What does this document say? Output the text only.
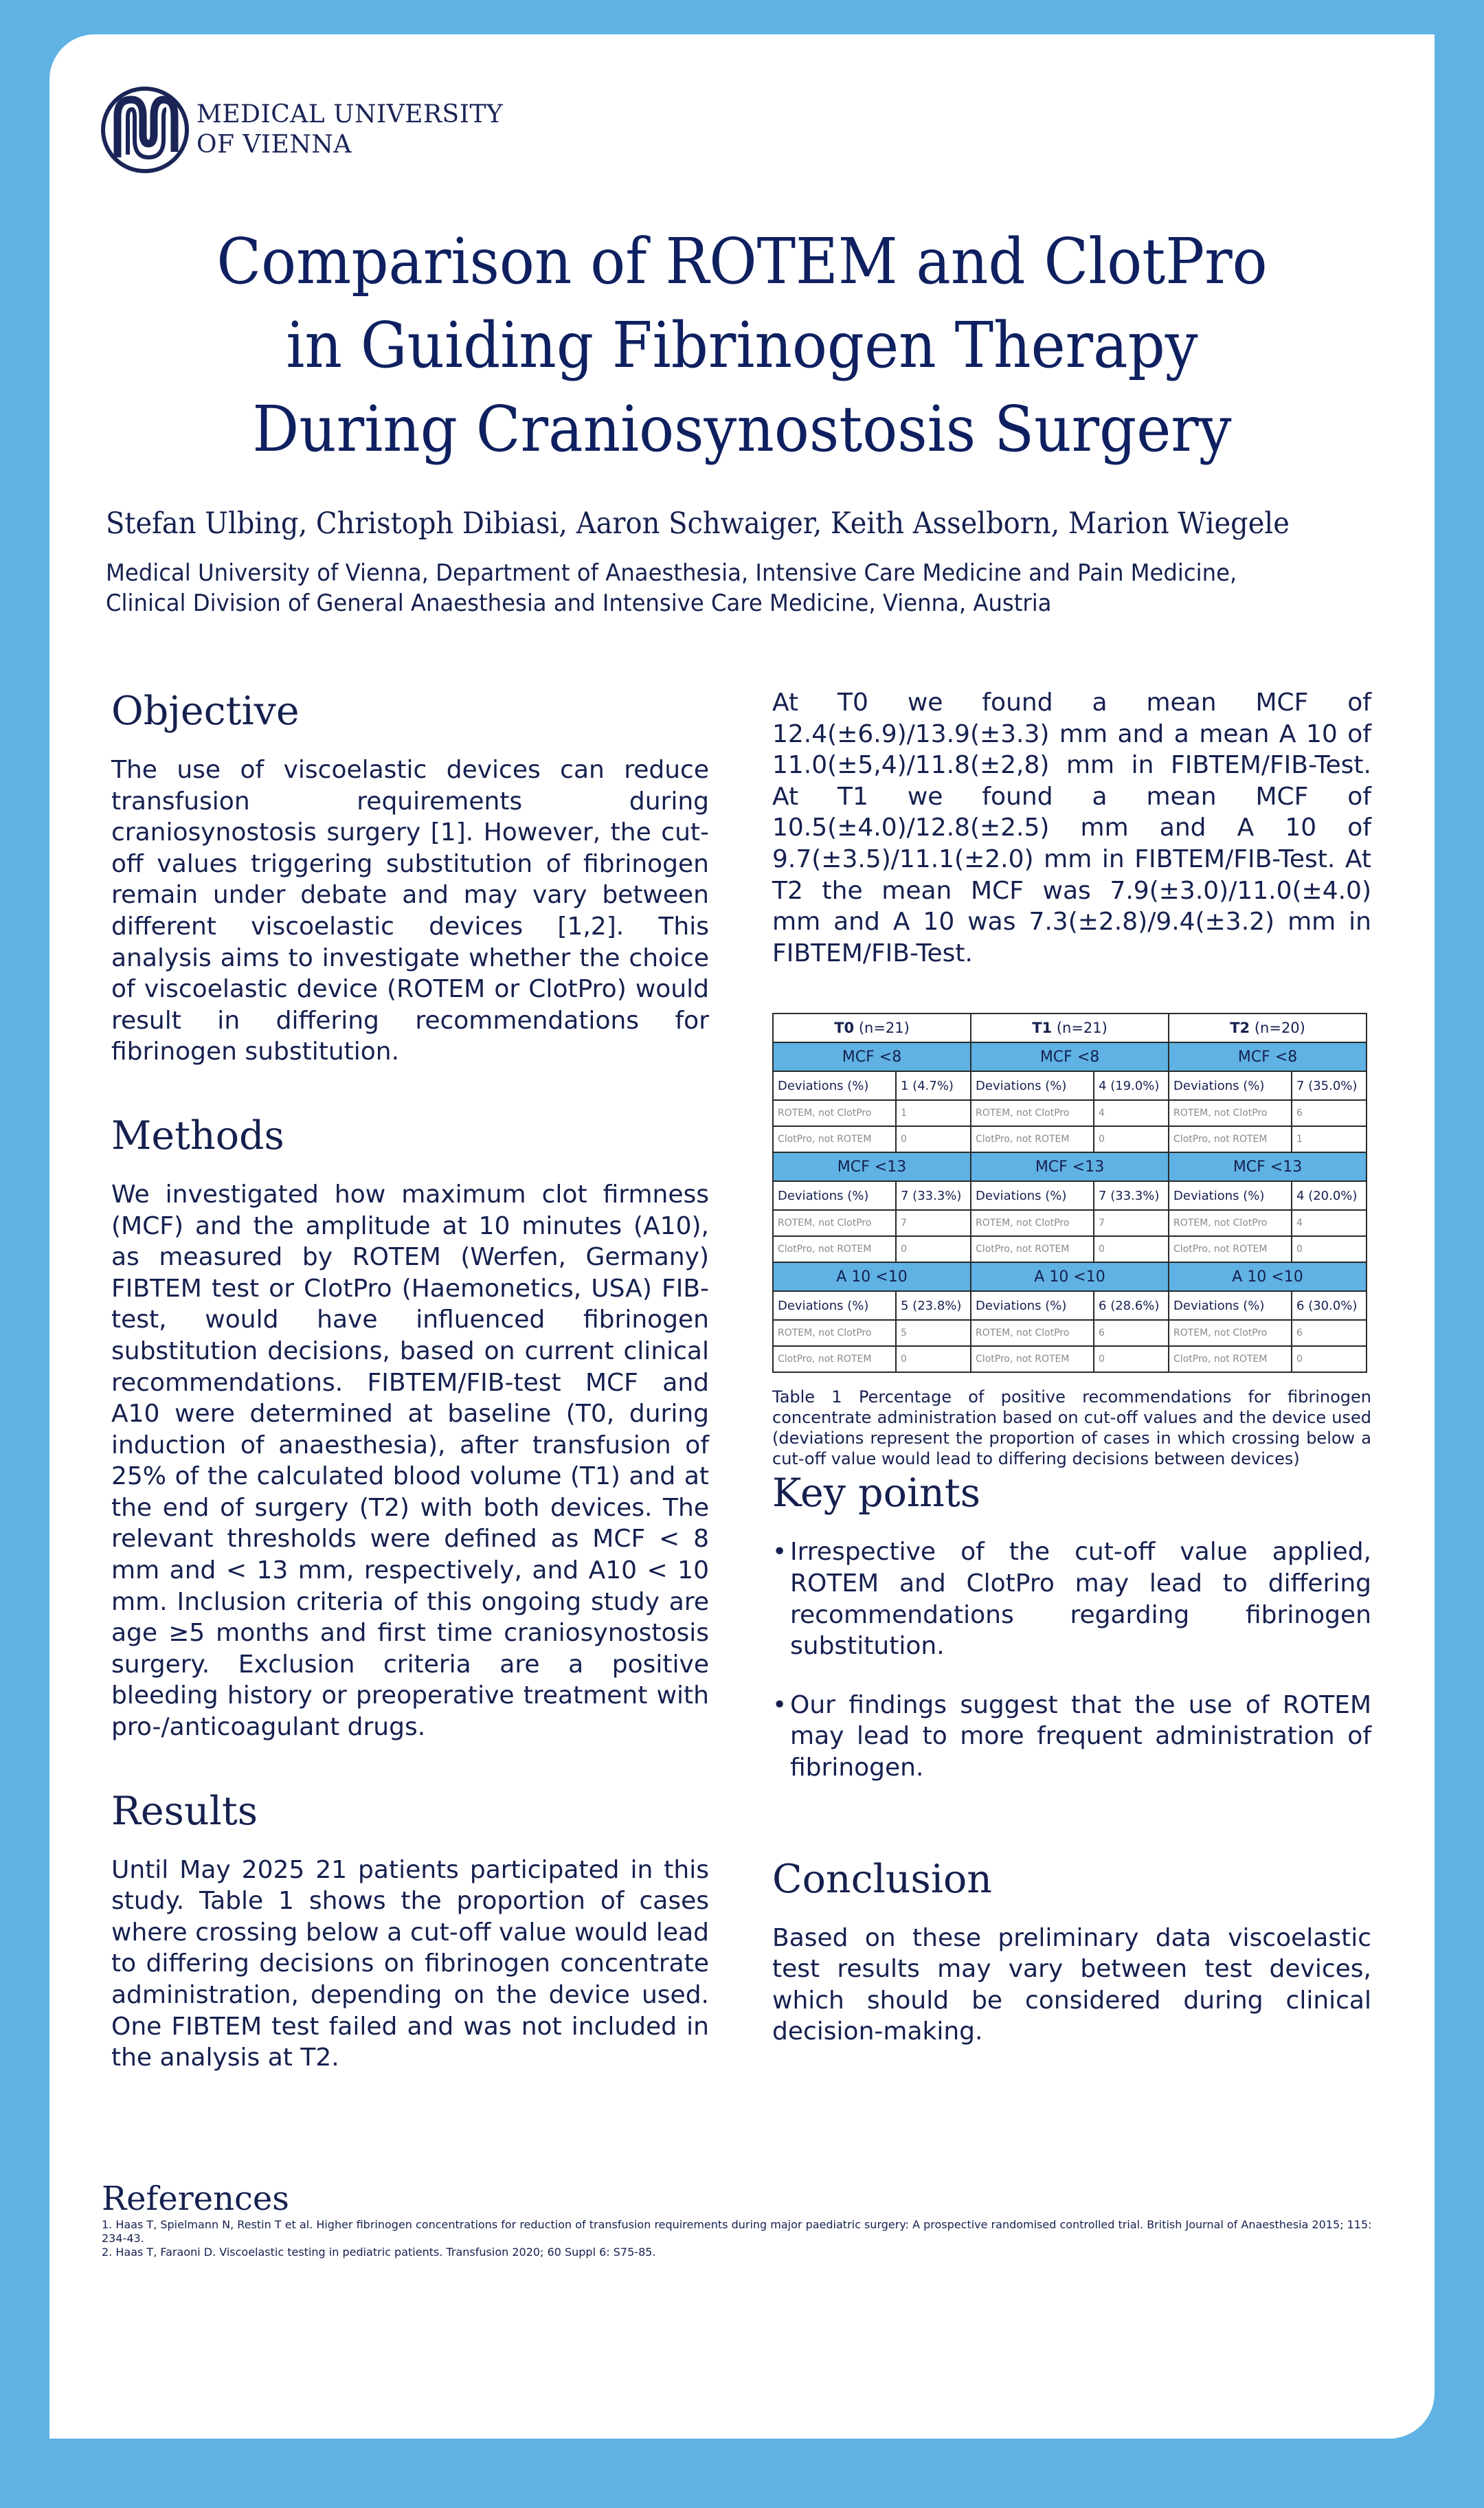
MEDICAL UNIVERSITY
OF VIENNA
Comparison of ROTEM and ClotPro
in Guiding Fibrinogen Therapy
During Craniosynostosis Surgery
Stefan Ulbing, Christoph Dibiasi, Aaron Schwaiger, Keith Asselborn, Marion Wiegele
Medical University of Vienna, Department of Anaesthesia, Intensive Care Medicine and Pain Medicine,
Clinical Division of General Anaesthesia and Intensive Care Medicine, Vienna, Austria
Objective

The use of viscoelastic devices can reduce transfusion requirements during craniosynostosis surgery [1]. However, the cut-off values triggering substitution of fibrinogen remain under debate and may vary between different viscoelastic devices [1,2]. This analysis aims to investigate whether the choice of viscoelastic device (ROTEM or ClotPro) would result in differing recommendations for fibrinogen substitution.

Methods

We investigated how maximum clot firmness (MCF) and the amplitude at 10 minutes (A10), as measured by ROTEM (Werfen, Germany) FIBTEM test or ClotPro (Haemonetics, USA) FIB-test, would have influenced fibrinogen substitution decisions, based on current clinical recommendations. FIBTEM/FIB-test MCF and A10 were determined at baseline (T0, during induction of anaesthesia), after transfusion of 25% of the calculated blood volume (T1) and at the end of surgery (T2) with both devices. The relevant thresholds were defined as MCF < 8 mm and < 13 mm, respectively, and A10 < 10 mm. Inclusion criteria of this ongoing study are age ≥5 months and first time craniosynostosis surgery. Exclusion criteria are a positive bleeding history or preoperative treatment with pro-/anticoagulant drugs.

Results

Until May 2025 21 patients participated in this study. Table 1 shows the proportion of cases where crossing below a cut-off value would lead to differing decisions on fibrinogen concentrate administration, depending on the device used. One FIBTEM test failed and was not included in the analysis at T2.

At T0 we found a mean MCF of 12.4(±6.9)/13.9(±3.3) mm and a mean A 10 of 11.0(±5,4)/11.8(±2,8) mm in FIBTEM/FIB-Test. At T1 we found a mean MCF of 10.5(±4.0)/12.8(±2.5) mm and A 10 of 9.7(±3.5)/11.1(±2.0) mm in FIBTEM/FIB-Test. At T2 the mean MCF was 7.9(±3.0)/11.0(±4.0) mm and A 10 was 7.3(±2.8)/9.4(±3.2) mm in FIBTEM/FIB-Test.

T0 (n=21)		T1 (n=21)		T2 (n=20)	
MCF <8		MCF <8		MCF <8	
Deviations (%)	1 (4.7%)	Deviations (%)	4 (19.0%)	Deviations (%)	7 (35.0%)
ROTEM, not ClotPro	1	ROTEM, not ClotPro	4	ROTEM, not ClotPro	6
ClotPro, not ROTEM	0	ClotPro, not ROTEM	0	ClotPro, not ROTEM	1
MCF <13		MCF <13		MCF <13	
Deviations (%)	7 (33.3%)	Deviations (%)	7 (33.3%)	Deviations (%)	4 (20.0%)
ROTEM, not ClotPro	7	ROTEM, not ClotPro	7	ROTEM, not ClotPro	4
ClotPro, not ROTEM	0	ClotPro, not ROTEM	0	ClotPro, not ROTEM	0
A 10 <10		A 10 <10		A 10 <10	
Deviations (%)	5 (23.8%)	Deviations (%)	6 (28.6%)	Deviations (%)	6 (30.0%)
ROTEM, not ClotPro	5	ROTEM, not ClotPro	6	ROTEM, not ClotPro	6
ClotPro, not ROTEM	0	ClotPro, not ROTEM	0	ClotPro, not ROTEM	0
Table 1 Percentage of positive recommendations for fibrinogen concentrate administration based on cut-off values and the device used (deviations represent the proportion of cases in which crossing below a cut-off value would lead to differing decisions between devices)
Key points
• Irrespective of the cut-off value applied, ROTEM and ClotPro may lead to differing recommendations regarding fibrinogen substitution.
• Our findings suggest that the use of ROTEM may lead to more frequent administration of fibrinogen.
Conclusion

Based on these preliminary data viscoelastic test results may vary between test devices, which should be considered during clinical decision-making.

References
1. Haas T, Spielmann N, Restin T et al. Higher fibrinogen concentrations for reduction of transfusion requirements during major paediatric surgery: A prospective randomised controlled trial. British Journal of Anaesthesia 2015; 115: 234-43.
2. Haas T, Faraoni D. Viscoelastic testing in pediatric patients. Transfusion 2020; 60 Suppl 6: S75-85.
